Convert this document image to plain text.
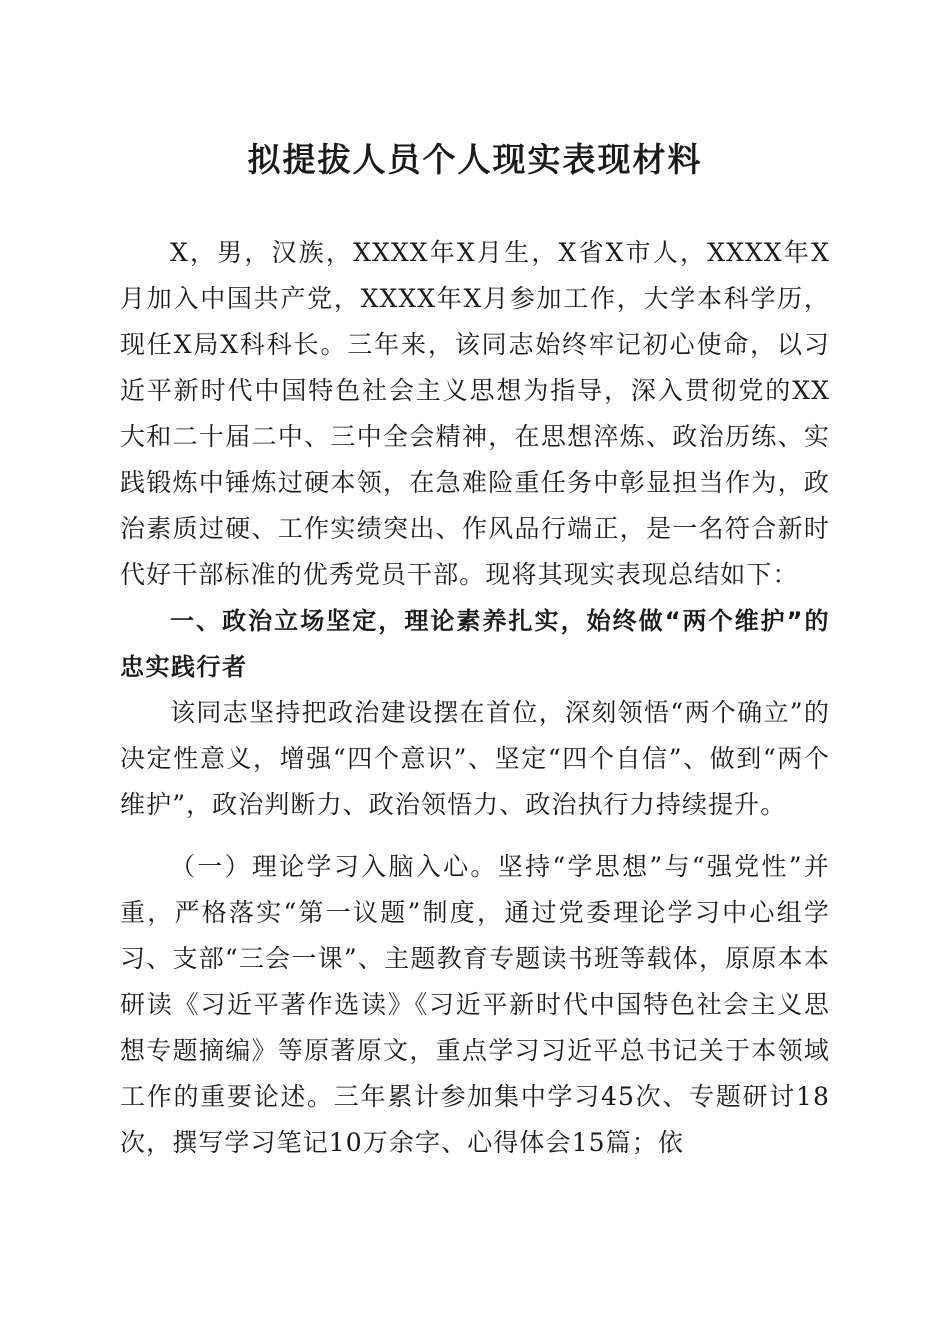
拟提拔人员个人现实表现材料

X，男，汉族，XXXX年X月生，X省X市人，XXXX年X月加入中国共产党，XXXX年X月参加工作，大学本科学历，现任X局X科科长。三年来，该同志始终牢记初心使命，以习近平新时代中国特色社会主义思想为指导，深入贯彻党的XX大和二十届二中、三中全会精神，在思想淬炼、政治历练、实践锻炼中锤炼过硬本领，在急难险重任务中彰显担当作为，政治素质过硬、工作实绩突出、作风品行端正，是一名符合新时代好干部标准的优秀党员干部。现将其现实表现总结如下：

一、政治立场坚定，理论素养扎实，始终做“两个维护”的忠实践行者

该同志坚持把政治建设摆在首位，深刻领悟“两个确立”的决定性意义，增强“四个意识”、坚定“四个自信”、做到“两个维护”，政治判断力、政治领悟力、政治执行力持续提升。

（一）理论学习入脑入心。坚持“学思想”与“强党性”并重，严格落实“第一议题”制度，通过党委理论学习中心组学习、支部“三会一课”、主题教育专题读书班等载体，原原本本研读《习近平著作选读》《习近平新时代中国特色社会主义思想专题摘编》等原著原文，重点学习习近平总书记关于本领域工作的重要论述。三年累计参加集中学习45次、专题研讨18次，撰写学习笔记10万余字、心得体会15篇；依
